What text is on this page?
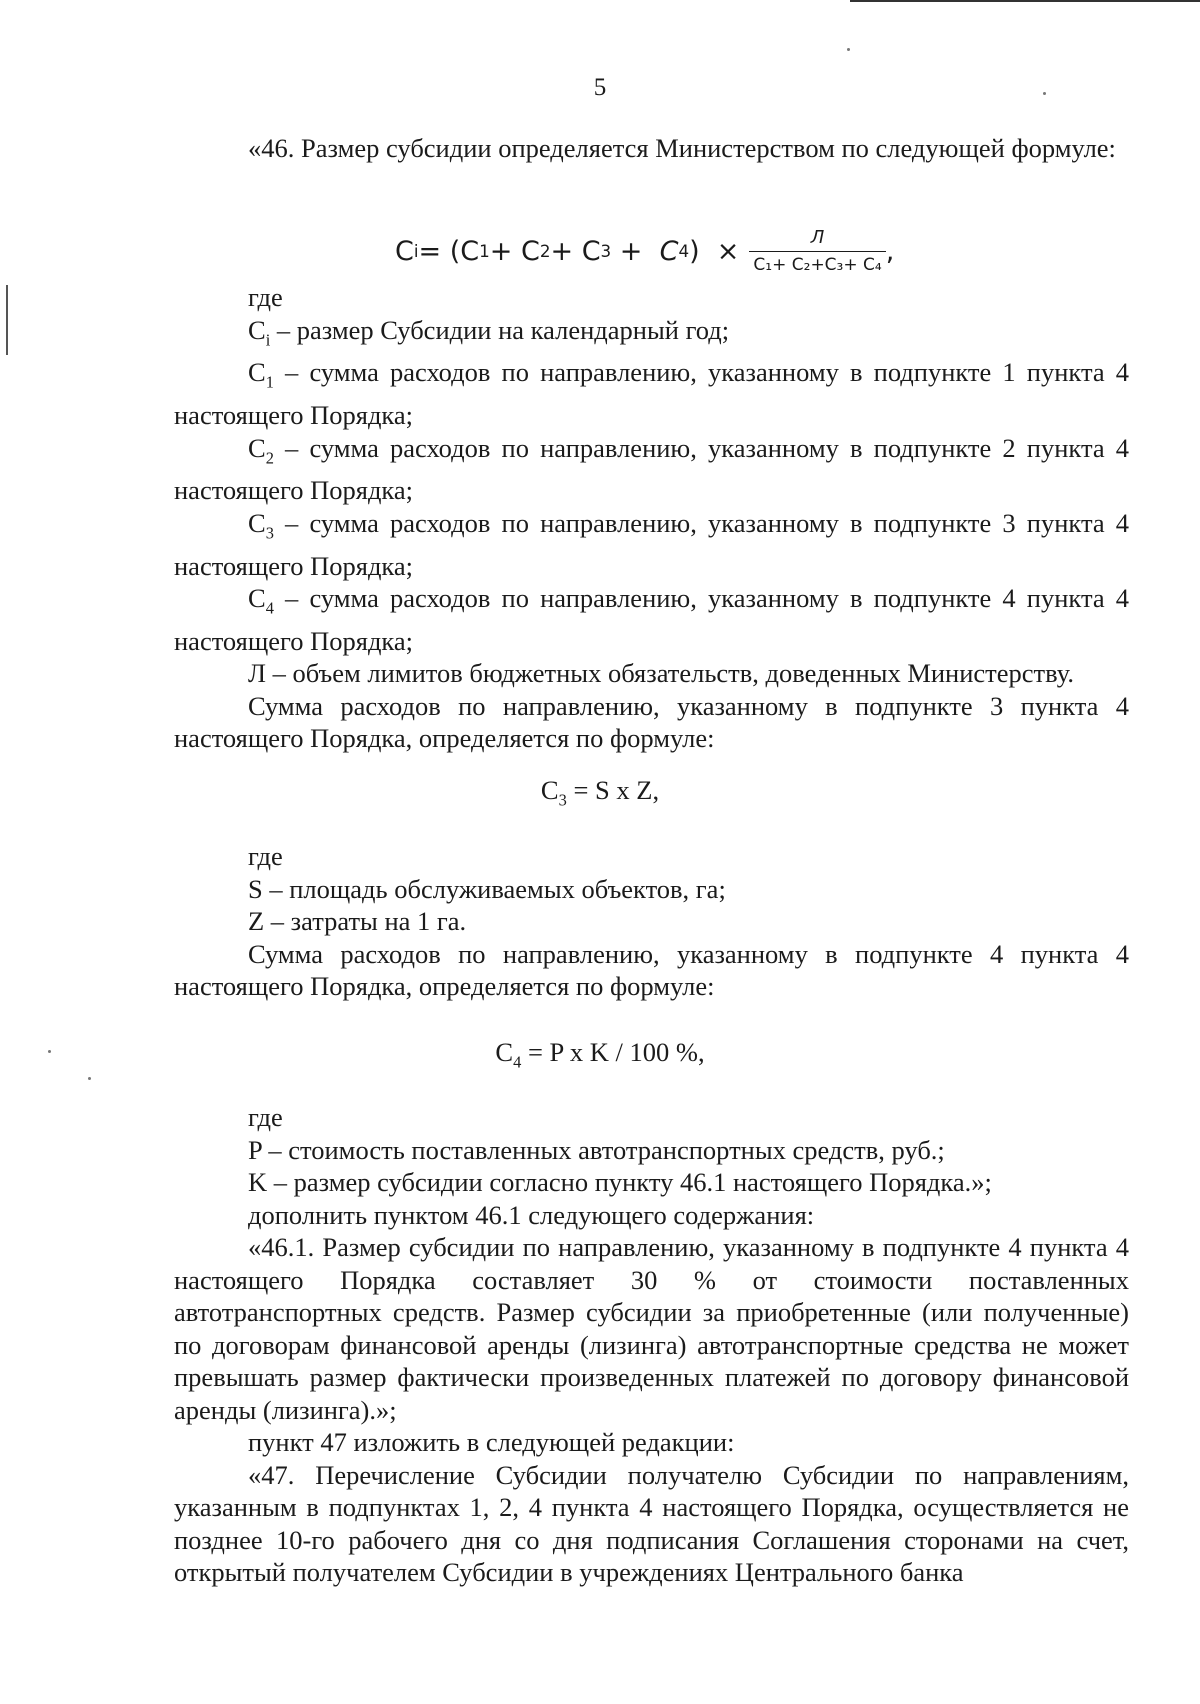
5

«46. Размер субсидии определяется Министерством по следующей формуле:

C i = (C 1 + C 2 + C 3 + C 4 )  × $\frac{Л}{\text{C₁+ C₂+C₃+ C₄}}$ ,

где

$C_i$ – размер Субсидии на календарный год;

$C_1$ – сумма расходов по направлению, указанному в подпункте 1 пункта 4 настоящего Порядка;

$C_2$ – сумма расходов по направлению, указанному в подпункте 2 пункта 4 настоящего Порядка;

$C_3$ – сумма расходов по направлению, указанному в подпункте 3 пункта 4 настоящего Порядка;

$C_4$ – сумма расходов по направлению, указанному в подпункте 4 пункта 4 настоящего Порядка;

Л – объем лимитов бюджетных обязательств, доведенных Министерству.

Сумма расходов по направлению, указанному в подпункте 3 пункта 4 настоящего Порядка, определяется по формуле:

$C_3 = S$ x Z,

где

S – площадь обслуживаемых объектов, га;

Z – затраты на 1 га.

Сумма расходов по направлению, указанному в подпункте 4 пункта 4 настоящего Порядка, определяется по формуле:

$C_4 = P$ x K / 100 %,

где

P – стоимость поставленных автотранспортных средств, руб.;

K – размер субсидии согласно пункту 46.1 настоящего Порядка.»;

дополнить пунктом 46.1 следующего содержания:

«46.1. Размер субсидии по направлению, указанному в подпункте 4 пункта 4 настоящего Порядка составляет 30 % от стоимости поставленных автотранспортных средств. Размер субсидии за приобретенные (или полученные) по договорам финансовой аренды (лизинга) автотранспортные средства не может превышать размер фактически произведенных платежей по договору финансовой аренды (лизинга).»;

пункт 47 изложить в следующей редакции:

«47. Перечисление Субсидии получателю Субсидии по направлениям, указанным в подпунктах 1, 2, 4 пункта 4 настоящего Порядка, осуществляется не позднее 10-го рабочего дня со дня подписания Соглашения сторонами на счет, открытый получателем Субсидии в учреждениях Центрального банка
